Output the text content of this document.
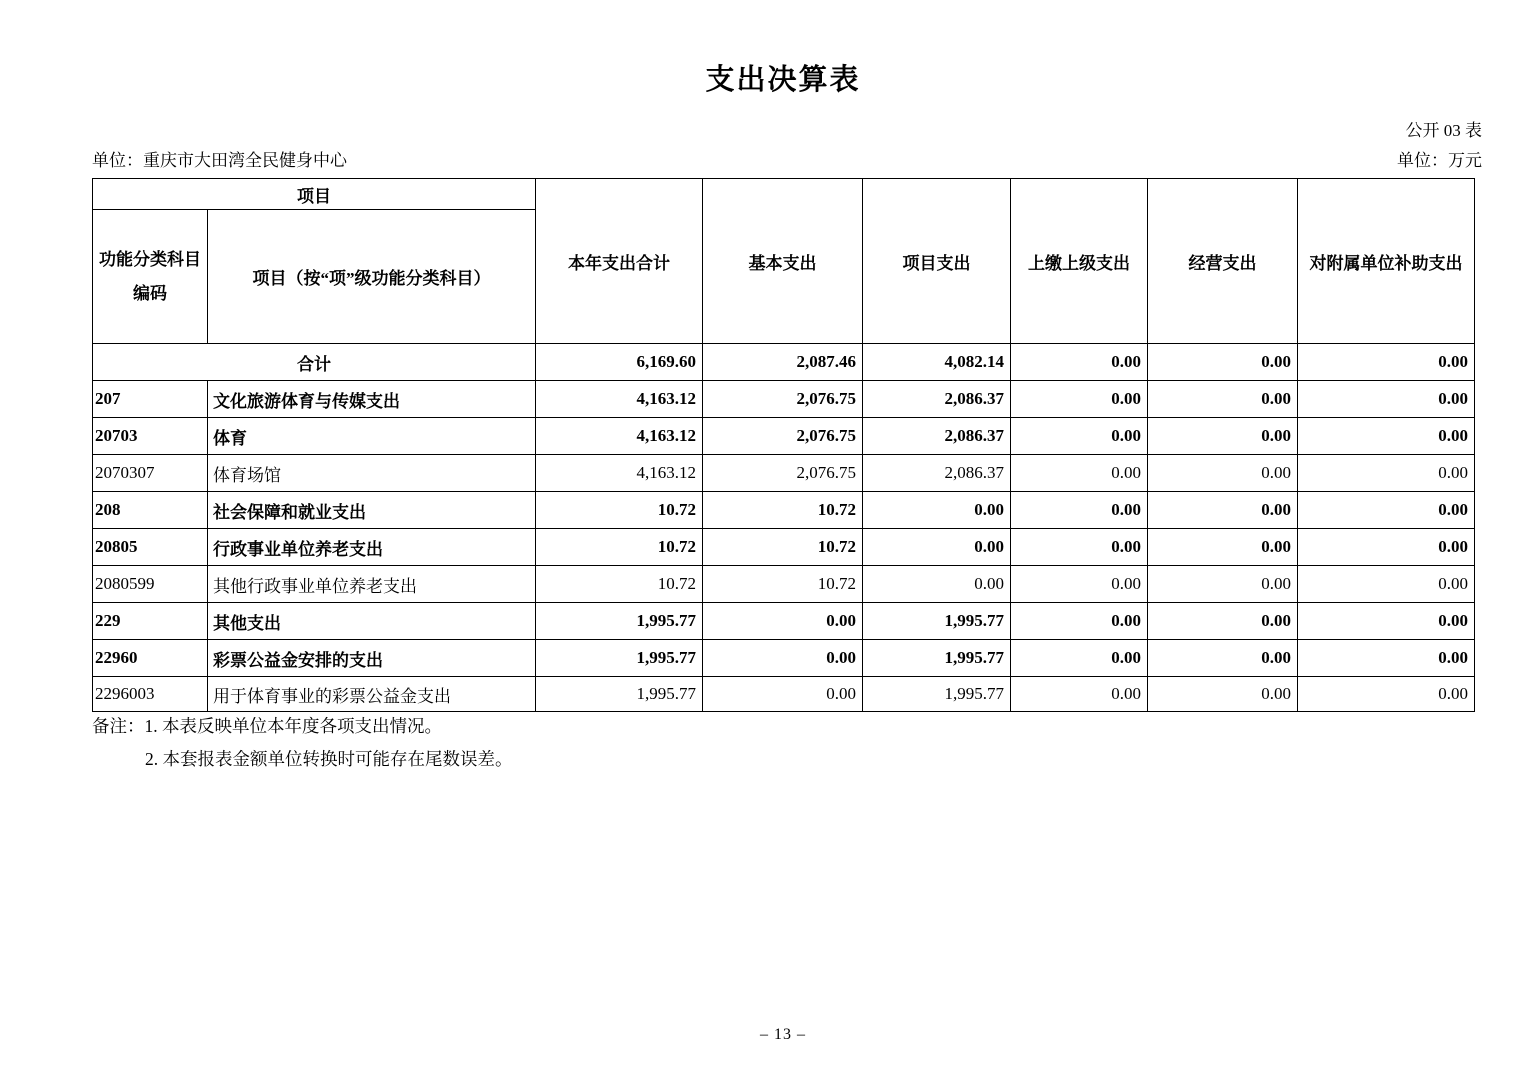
支出决算表
公开 03 表
单位：重庆市大田湾全民健身中心	单位：万元
项目		本年支出合计	基本支出	项目支出	上缴上级支出	经营支出	对附属单位补助支出
功能分类科目编码	项目（按“项”级功能分类科目）						
合计		6,169.60	2,087.46	4,082.14	0.00	0.00	0.00
207	文化旅游体育与传媒支出	4,163.12	2,076.75	2,086.37	0.00	0.00	0.00
20703	体育	4,163.12	2,076.75	2,086.37	0.00	0.00	0.00
2070307	体育场馆	4,163.12	2,076.75	2,086.37	0.00	0.00	0.00
208	社会保障和就业支出	10.72	10.72	0.00	0.00	0.00	0.00
20805	行政事业单位养老支出	10.72	10.72	0.00	0.00	0.00	0.00
2080599	其他行政事业单位养老支出	10.72	10.72	0.00	0.00	0.00	0.00
229	其他支出	1,995.77	0.00	1,995.77	0.00	0.00	0.00
22960	彩票公益金安排的支出	1,995.77	0.00	1,995.77	0.00	0.00	0.00
2296003	用于体育事业的彩票公益金支出	1,995.77	0.00	1,995.77	0.00	0.00	0.00
备注：1. 本表反映单位本年度各项支出情况。
2. 本套报表金额单位转换时可能存在尾数误差。
– 13 –
